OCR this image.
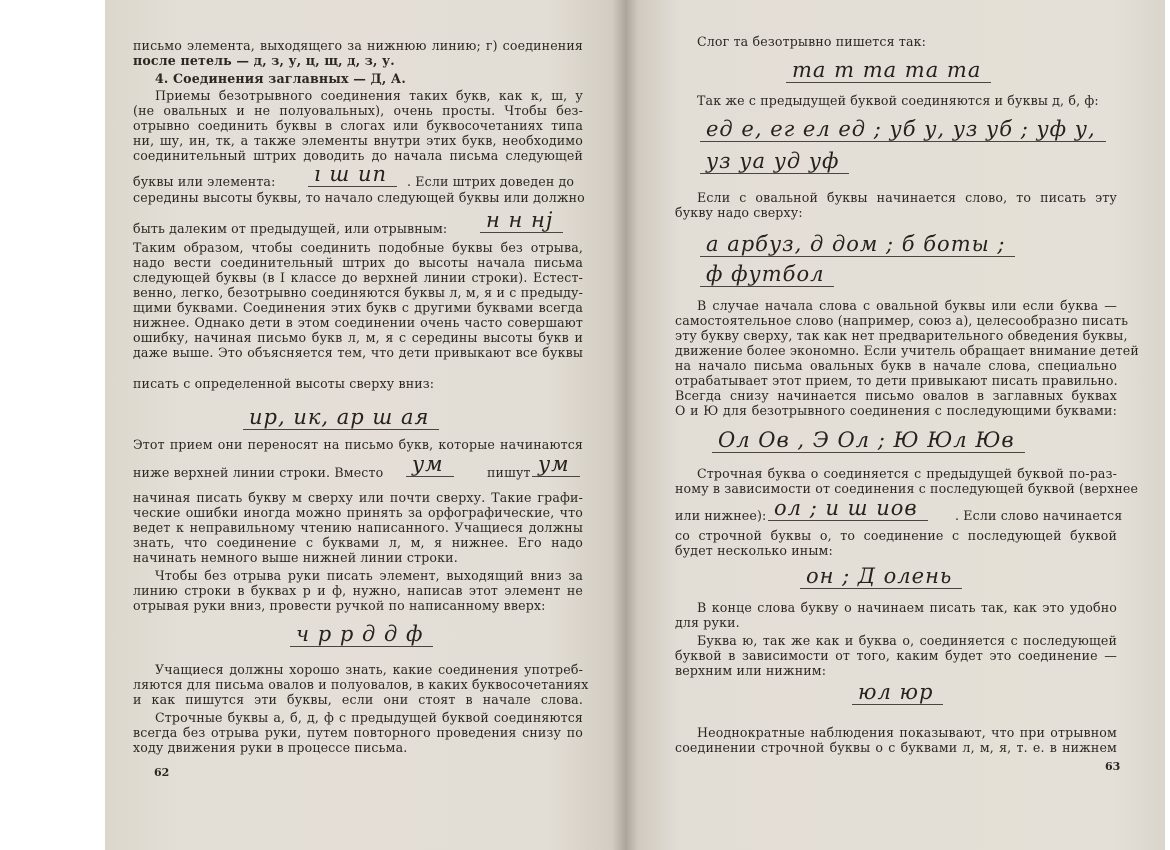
письмо элемента, выходящего за нижнюю линию; г) соединения
после петель — д, з, у, ц, щ, д, з, у.
4. Соединения заглавных — Д, А.
Приемы безотрывного соединения таких букв, как к, ш, у
(не овальных и не полуовальных), очень просты. Чтобы без-
отрывно соединить буквы в слогах или буквосочетаниях типа
ни, шу, ин, тк, а также элементы внутри этих букв, необходимо
соединительный штрих доводить до начала письма следующей
буквы или элемента: ı ш ип	. Если штрих доведен до
середины высоты буквы, то начало следующей буквы или должно
быть далеким от предыдущей, или отрывным: н н нј
Таким образом, чтобы соединить подобные буквы без отрыва,
надо вести соединительный штрих до высоты начала письма
следующей буквы (в I классе до верхней линии строки). Естест-
венно, легко, безотрывно соединяются буквы л, м, я и с предыду-
щими буквами. Соединения этих букв с другими буквами всегда
нижнее. Однако дети в этом соединении очень часто совершают
ошибку, начиная письмо букв л, м, я с середины высоты букв и
даже выше. Это объясняется тем, что дети привыкают все буквы
писать с определенной высоты сверху вниз:
ир, ик, ар ш ая
Этот прием они переносят на письмо букв, которые начинаются
ниже верхней линии строки. Вместо ум	пишут ум
начиная писать букву м сверху или почти сверху. Такие графи-
ческие ошибки иногда можно принять за орфографические, что
ведет к неправильному чтению написанного. Учащиеся должны
знать, что соединение с буквами л, м, я нижнее. Его надо
начинать немного выше нижней линии строки.
Чтобы без отрыва руки писать элемент, выходящий вниз за
линию строки в буквах р и ф, нужно, написав этот элемент не
отрывая руки вниз, провести ручкой по написанному вверх:
ч р р д д ф
Учащиеся должны хорошо знать, какие соединения употреб-
ляются для письма овалов и полуовалов, в каких буквосочетаниях
и как пишутся эти буквы, если они стоят в начале слова.
Строчные буквы а, б, д, ф с предыдущей буквой соединяются
всегда без отрыва руки, путем повторного проведения снизу по
ходу движения руки в процессе письма.
62
Слог та безотрывно пишется так:
та т та та та
Так же с предыдущей буквой соединяются и буквы д, б, ф:
ед е, ег ел ед ; уб у, уз уб ; уф у,
уз уа уд уф
Если с овальной буквы начинается слово, то писать эту
букву надо сверху:
а арбуз, д дом ; б боты ;
ф футбол
В случае начала слова с овальной буквы или если буква —
самостоятельное слово (например, союз а), целесообразно писать
эту букву сверху, так как нет предварительного обведения буквы,
движение более экономно. Если учитель обращает внимание детей
на начало письма овальных букв в начале слова, специально
отрабатывает этот прием, то дети привыкают писать правильно.
Всегда снизу начинается письмо овалов в заглавных буквах
О и Ю для безотрывного соединения с последующими буквами:
Ол Ов , Э Ол ; Ю Юл Юв
Строчная буква о соединяется с предыдущей буквой по-раз-
ному в зависимости от соединения с последующей буквой (верхнее
или нижнее): ол ; и ш иов	. Если слово начинается
со строчной буквы о, то соединение с последующей буквой
будет несколько иным:
он ; Д олень
В конце слова букву о начинаем писать так, как это удобно
для руки.
Буква ю, так же как и буква о, соединяется с последующей
буквой в зависимости от того, каким будет это соединение —
верхним или нижним:
юл юр
Неоднократные наблюдения показывают, что при отрывном
соединении строчной буквы о с буквами л, м, я, т. е. в нижнем
63
